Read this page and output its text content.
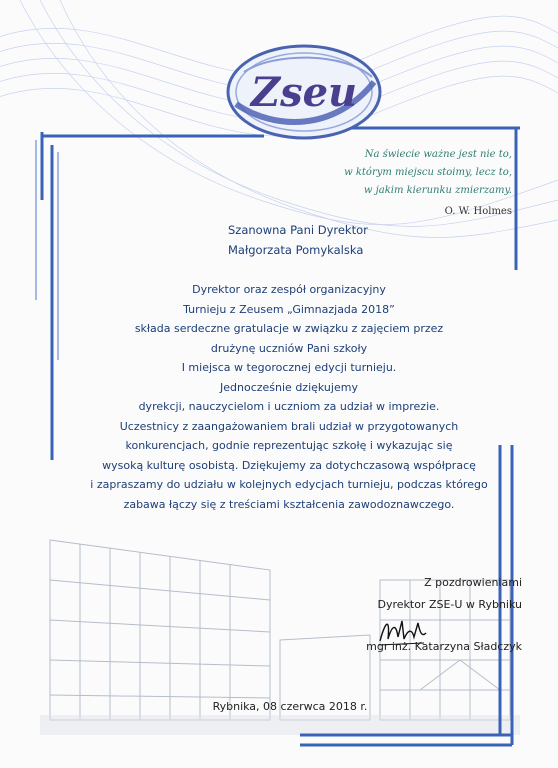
Zseu
Na świecie ważne jest nie to,
w którym miejscu stoimy, lecz to,
w jakim kierunku zmierzamy.
O. W. Holmes
Szanowna Pani Dyrektor
Małgorzata Pomykalska
Dyrektor oraz zespół organizacyjny
Turnieju z Zeusem „Gimnazjada 2018”
składa serdeczne gratulacje w związku z zajęciem przez
drużynę uczniów Pani szkoły
I miejsca w tegorocznej edycji turnieju.
Jednocześnie dziękujemy
dyrekcji, nauczycielom i uczniom za udział w imprezie.
Uczestnicy z zaangażowaniem brali udział w przygotowanych
konkurencjach, godnie reprezentując szkołę i wykazując się
wysoką kulturę osobistą. Dziękujemy za dotychczasową współpracę
i zapraszamy do udziału w kolejnych edycjach turnieju, podczas którego
zabawa łączy się z treściami kształcenia zawodoznawczego.
Z pozdrowieniami
Dyrektor ZSE-U w Rybniku
mgr inż. Katarzyna Sładczyk
Rybnika, 08 czerwca 2018 r.
